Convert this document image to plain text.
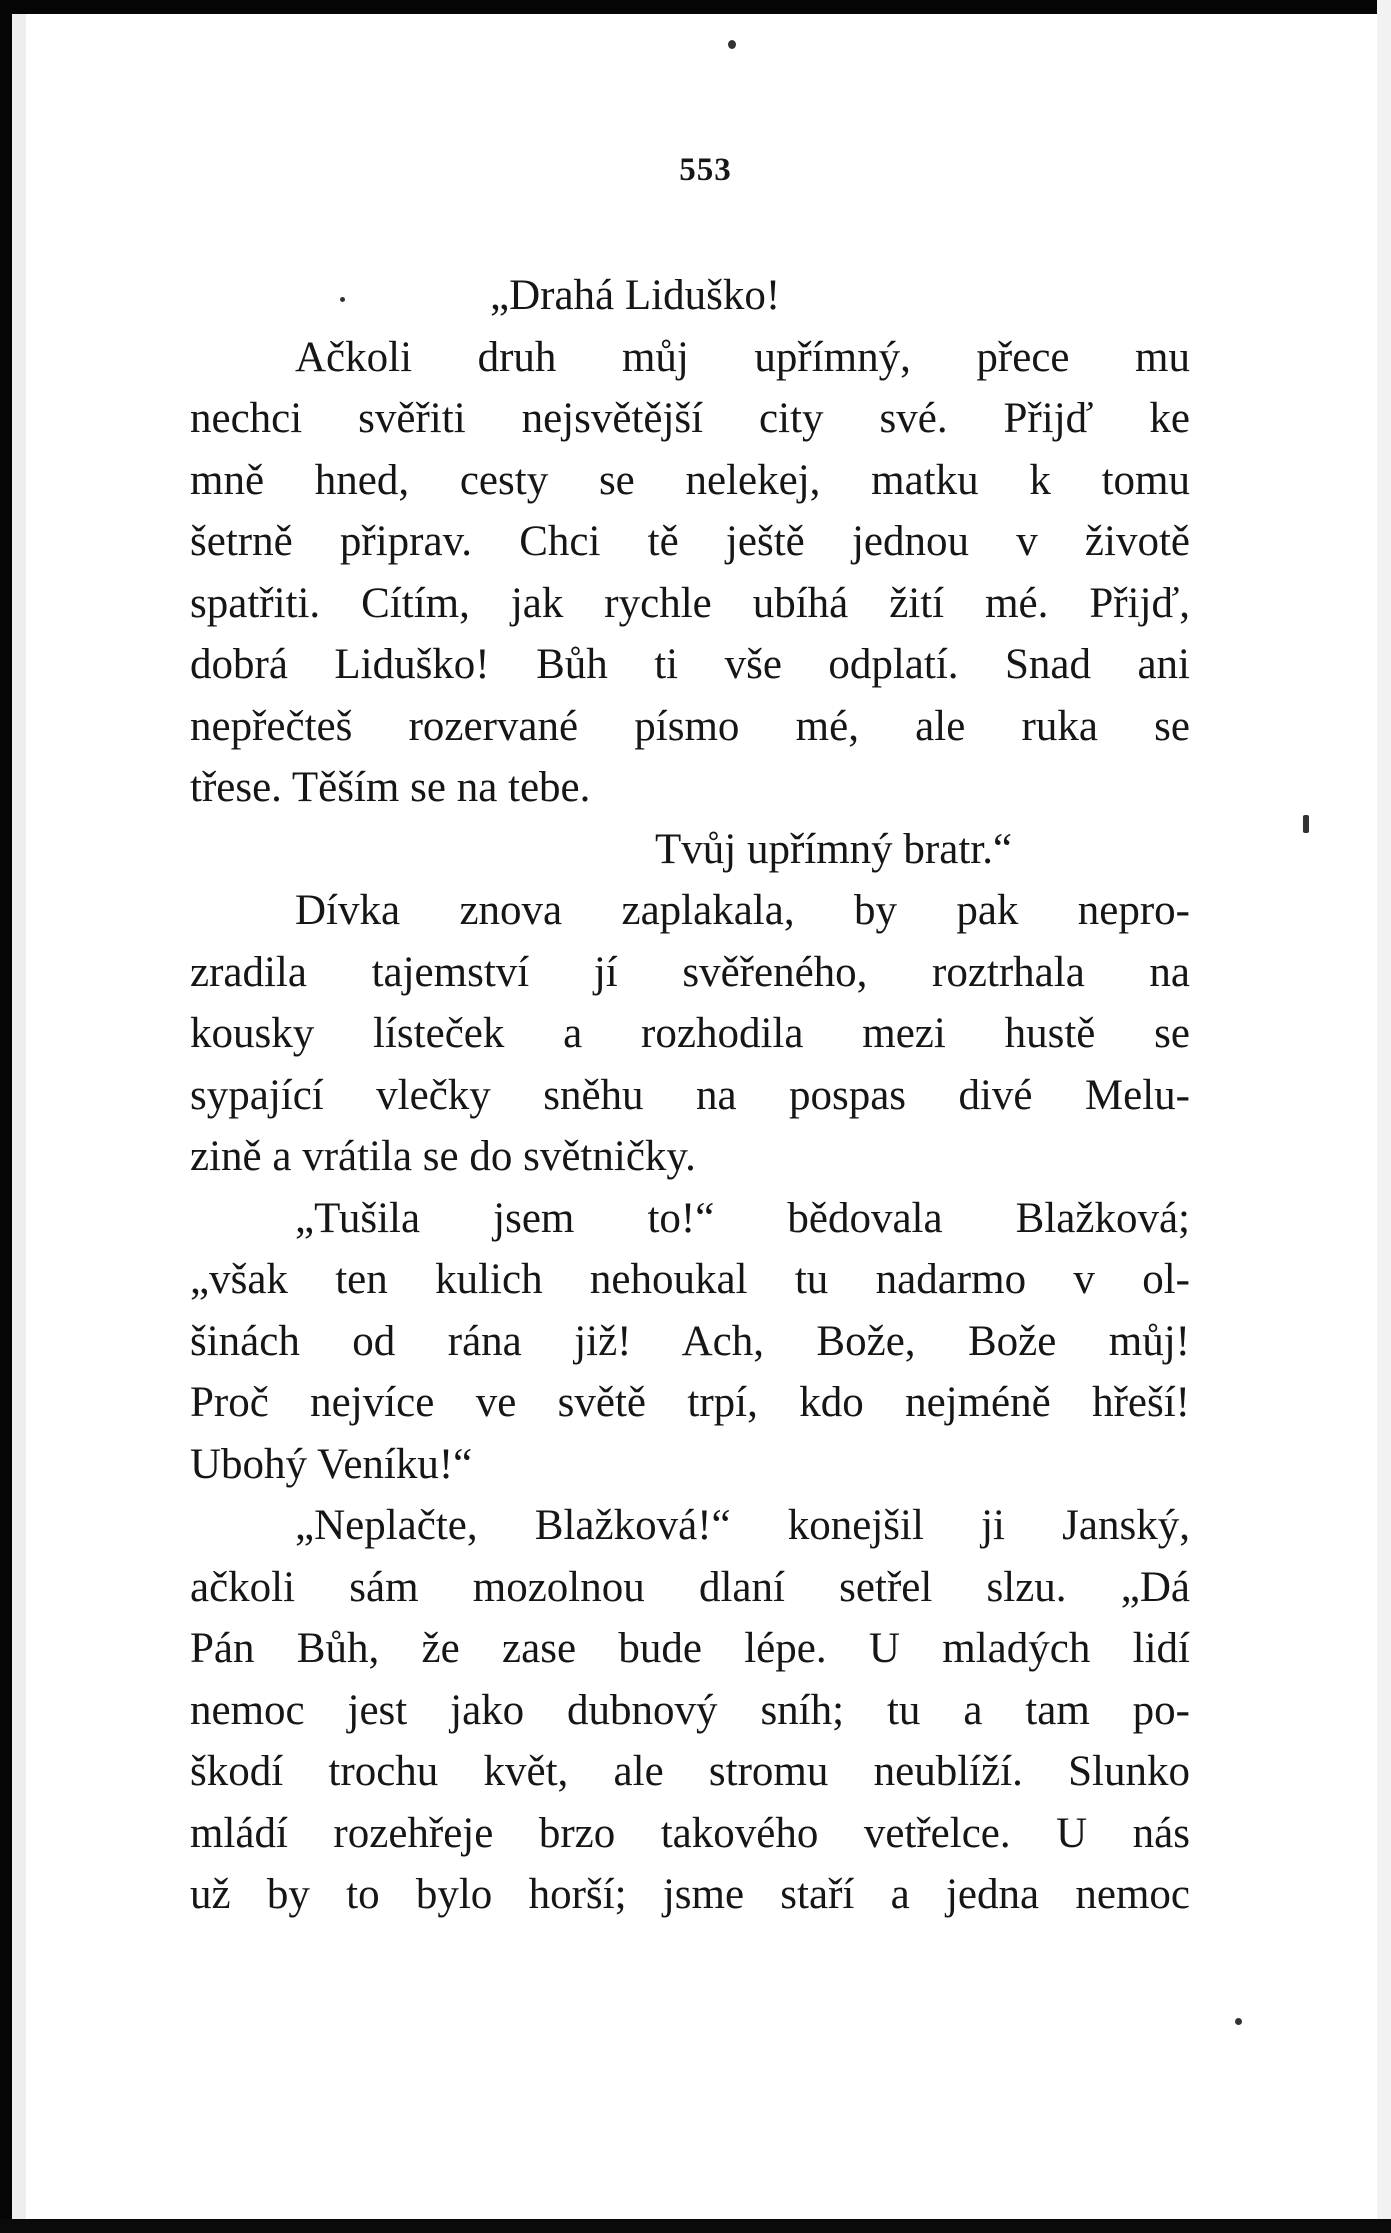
553
„Drahá Liduško!
Ačkoli druh můj upřímný, přece mu
nechci svěřiti nejsvětější city své. Přijď ke
mně hned, cesty se nelekej, matku k tomu
šetrně připrav. Chci tě ještě jednou v životě
spatřiti. Cítím, jak rychle ubíhá žití mé. Přijď,
dobrá Liduško! Bůh ti vše odplatí. Snad ani
nepřečteš rozervané písmo mé, ale ruka se
třese. Těším se na tebe.
Tvůj upřímný bratr.“
Dívka znova zaplakala, by pak nepro-
zradila tajemství jí svěřeného, roztrhala na
kousky lísteček a rozhodila mezi hustě se
sypající vlečky sněhu na pospas divé Melu-
zině a vrátila se do světničky.
„Tušila jsem to!“ bědovala Blažková;
„však ten kulich nehoukal tu nadarmo v ol-
šinách od rána již! Ach, Bože, Bože můj!
Proč nejvíce ve světě trpí, kdo nejméně hřeší!
Ubohý Veníku!“
„Neplačte, Blažková!“ konejšil ji Janský,
ačkoli sám mozolnou dlaní setřel slzu. „Dá
Pán Bůh, že zase bude lépe. U mladých lidí
nemoc jest jako dubnový sníh; tu a tam po-
škodí trochu květ, ale stromu neublíží. Slunko
mládí rozehřeje brzo takového vetřelce. U nás
už by to bylo horší; jsme staří a jedna nemoc
